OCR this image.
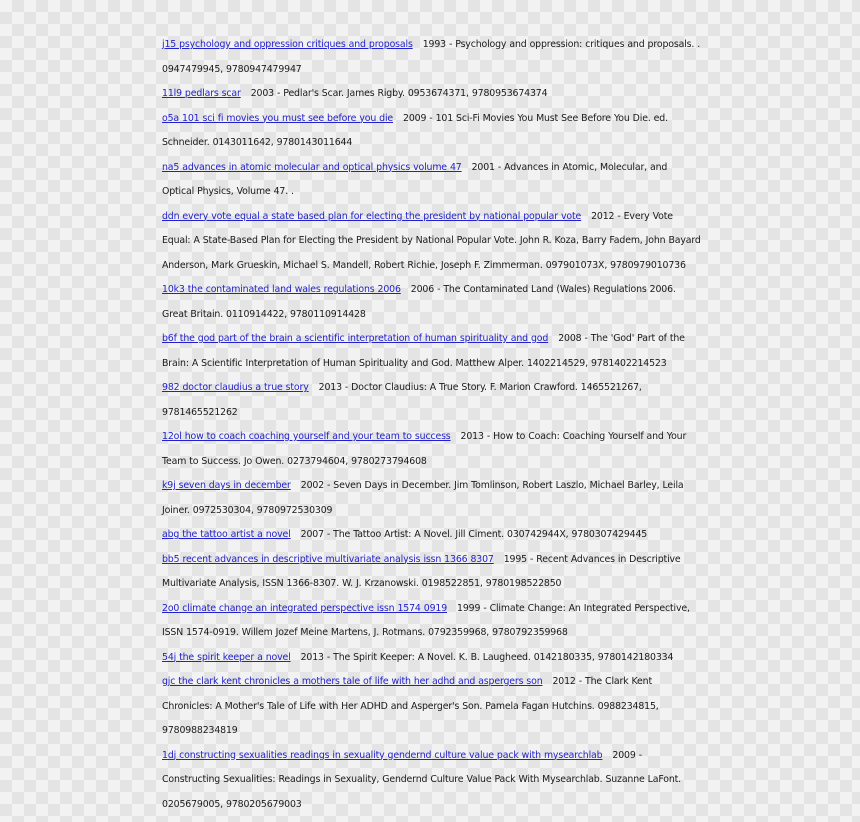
j15 psychology and oppression critiques and proposals 1993 - Psychology and oppression: critiques and proposals. . 0947479945, 9780947479947

11l9 pedlars scar 2003 - Pedlar's Scar. James Rigby. 0953674371, 9780953674374

o5a 101 sci fi movies you must see before you die 2009 - 101 Sci-Fi Movies You Must See Before You Die. ed. Schneider. 0143011642, 9780143011644

na5 advances in atomic molecular and optical physics volume 47 2001 - Advances in Atomic, Molecular, and Optical Physics, Volume 47. .

ddn every vote equal a state based plan for electing the president by national popular vote 2012 - Every Vote Equal: A State-Based Plan for Electing the President by National Popular Vote. John R. Koza, Barry Fadem, John Bayard Anderson, Mark Grueskin, Michael S. Mandell, Robert Richie, Joseph F. Zimmerman. 097901073X, 9780979010736

10k3 the contaminated land wales regulations 2006 2006 - The Contaminated Land (Wales) Regulations 2006. Great Britain. 0110914422, 9780110914428

b6f the god part of the brain a scientific interpretation of human spirituality and god 2008 - The 'God' Part of the Brain: A Scientific Interpretation of Human Spirituality and God. Matthew Alper. 1402214529, 9781402214523

982 doctor claudius a true story 2013 - Doctor Claudius: A True Story. F. Marion Crawford. 1465521267, 9781465521262

12ol how to coach coaching yourself and your team to success 2013 - How to Coach: Coaching Yourself and Your Team to Success. Jo Owen. 0273794604, 9780273794608

k9j seven days in december 2002 - Seven Days in December. Jim Tomlinson, Robert Laszlo, Michael Barley, Leila Joiner. 0972530304, 9780972530309

abg the tattoo artist a novel 2007 - The Tattoo Artist: A Novel. Jill Ciment. 030742944X, 9780307429445

bb5 recent advances in descriptive multivariate analysis issn 1366 8307 1995 - Recent Advances in Descriptive Multivariate Analysis, ISSN 1366-8307. W. J. Krzanowski. 0198522851, 9780198522850

2o0 climate change an integrated perspective issn 1574 0919 1999 - Climate Change: An Integrated Perspective, ISSN 1574-0919. Willem Jozef Meine Martens, J. Rotmans. 0792359968, 9780792359968

54j the spirit keeper a novel 2013 - The Spirit Keeper: A Novel. K. B. Laugheed. 0142180335, 9780142180334

gjc the clark kent chronicles a mothers tale of life with her adhd and aspergers son 2012 - The Clark Kent Chronicles: A Mother's Tale of Life with Her ADHD and Asperger's Son. Pamela Fagan Hutchins. 0988234815, 9780988234819

1dj constructing sexualities readings in sexuality gendernd culture value pack with mysearchlab 2009 - Constructing Sexualities: Readings in Sexuality, Gendernd Culture Value Pack With Mysearchlab. Suzanne LaFont. 0205679005, 9780205679003
